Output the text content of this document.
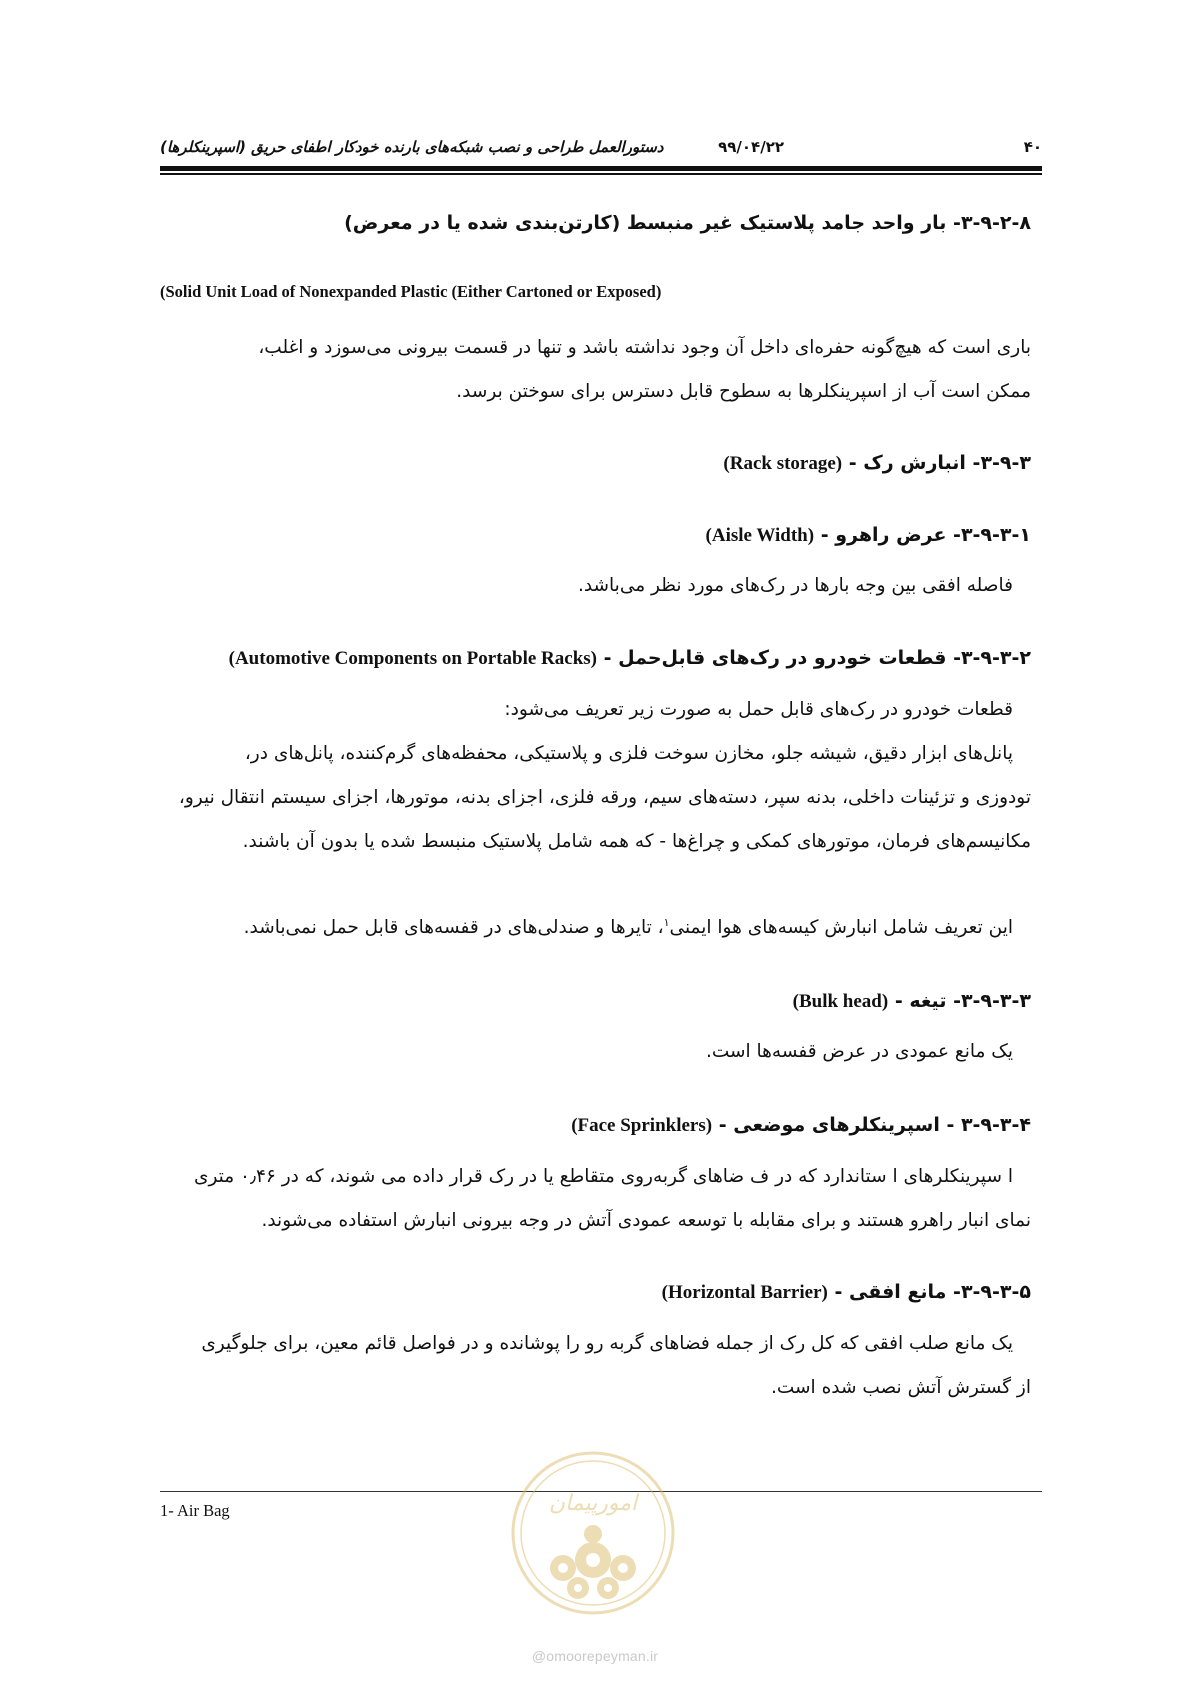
۴۰
۹۹/۰۴/۲۲
دستورالعمل طراحی و نصب شبکه‌های بارنده خودکار اطفای حریق (اسپرینکلرها)
۳-۹-۲-۸- بار واحد جامد پلاستیک غیر منبسط (کارتن‌بندی شده یا در معرض)
(Solid Unit Load of Nonexpanded Plastic (Either Cartoned or Exposed)
باری است که هیچ‌گونه حفره‌ای داخل آن وجود نداشته باشد و تنها در قسمت بیرونی می‌سوزد و اغلب،
ممکن است آب از اسپرینکلرها به سطوح قابل دسترس برای سوختن برسد.
۳-۹-۳- انبارش رک - (Rack storage)
۳-۹-۳-۱- عرض راهرو - (Aisle Width)
فاصله افقی بین وجه بارها در رک‌های مورد نظر می‌باشد.
۳-۹-۳-۲- قطعات خودرو در رک‌های قابل‌حمل - (Automotive Components on Portable Racks)
قطعات خودرو در رک‌های قابل حمل به صورت زیر تعریف می‌شود:
پانل‌های ابزار دقیق، شیشه جلو، مخازن سوخت فلزی و پلاستیکی، محفظه‌های گرم‌کننده، پانل‌های در،
تودوزی و تزئینات داخلی، بدنه سپر، دسته‌های سیم، ورقه فلزی، اجزای بدنه، موتورها، اجزای سیستم انتقال نیرو،
مکانیسم‌های فرمان، موتورهای کمکی و چراغ‌ها - که همه شامل پلاستیک منبسط شده یا بدون آن باشند.
این تعریف شامل انبارش کیسه‌های هوا ایمنی$^۱$، تایرها و صندلی‌های در قفسه‌های قابل حمل نمی‌باشد.
۳-۹-۳-۳- تیغه - (Bulk head)
یک مانع عمودی در عرض قفسه‌ها است.
۳-۹-۳-۴ - اسپرینکلرهای موضعی - (Face Sprinklers)
ا سپرینکلرهای ا ستاندارد که در ف ضاهای گربه‌روی متقاطع یا در رک قرار داده می شوند، که در ۰٫۴۶ متری
نمای انبار راهرو هستند و برای مقابله با توسعه عمودی آتش در وجه بیرونی انبارش استفاده می‌شوند.
۳-۹-۳-۵- مانع افقی - (Horizontal Barrier)
یک مانع صلب افقی که کل رک از جمله فضاهای گربه رو را پوشانده و در فواصل قائم معین، برای جلوگیری
از گسترش آتش نصب شده است.
1- Air Bag	امورپیمان
@omoorepeyman.ir
